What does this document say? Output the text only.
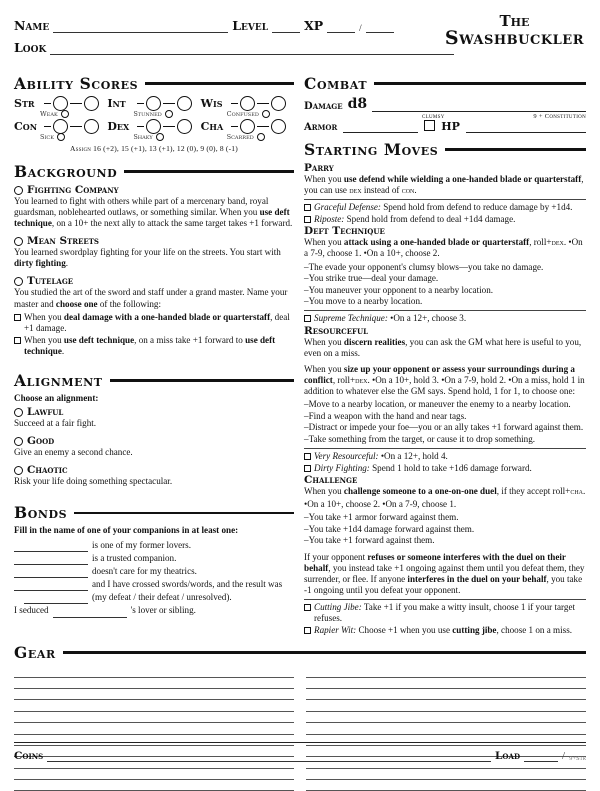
Name	Level	XP	/
Look
The
Swashbuckler
Ability Scores
Str
Weak
Int
Stunned
Wis
Confused
Con
Sick
Dex
Shaky
Cha
Scarred
Assign 16 (+2), 15 (+1), 13 (+1), 12 (0), 9 (0), 8 (-1)
Background
Fighting Company
You learned to fight with others while part of a mercenary band, royal guardsman, noblehearted outlaws, or something similar. When you use deft technique, on a 10+ the next ally to attack the same target takes +1 forward.
Mean Streets
You learned swordplay fighting for your life on the streets. You start with dirty fighting.
Tutelage
You studied the art of the sword and staff under a grand master. Name your master and choose one of the following:
When you deal damage with a one-handed blade or quarterstaff, deal +1 damage.
When you use deft technique, on a miss take +1 forward to use deft technique.
Alignment
Choose an alignment:
Lawful
Succeed at a fair fight.
Good
Give an enemy a second chance.
Chaotic
Risk your life doing something spectacular.
Bonds
Fill in the name of one of your companions in at least one:
is one of my former lovers.
is a trusted companion.
doesn't care for my theatrics.
and I have crossed swords/words, and the result was
(my defeat / their defeat / unresolved).
I seduced	's lover or sibling.
Combat
Damage d8
clumsy	9 + Constitution
Armor	HP
Starting Moves
Parry
When you use defend while wielding a one-handed blade or quarterstaff, you can use dex instead of con.
Graceful Defense: Spend hold from defend to reduce damage by +1d4.
Riposte: Spend hold from defend to deal +1d4 damage.
Deft Technique
When you attack using a one-handed blade or quarterstaff, roll+dex. •On a 7-9, choose 1. •On a 10+, choose 2.
–The evade your opponent's clumsy blows—you take no damage.
–You strike true—deal your damage.
–You maneuver your opponent to a nearby location.
–You move to a nearby location.
Supreme Technique: •On a 12+, choose 3.
Resourceful
When you discern realities, you can ask the GM what here is useful to you, even on a miss.
When you size up your opponent or assess your surroundings during a conflict, roll+dex. •On a 10+, hold 3. •On a 7-9, hold 2. •On a miss, hold 1 in addition to whatever else the GM says. Spend hold, 1 for 1, to choose one:
–Move to a nearby location, or maneuver the enemy to a nearby location.
–Find a weapon with the hand and near tags.
–Distract or impede your foe—you or an ally takes +1 forward against them.
–Take something from the target, or cause it to drop something.
Very Resourceful: •On a 12+, hold 4.
Dirty Fighting: Spend 1 hold to take +1d6 damage forward.
Challenge
When you challenge someone to a one-on-one duel, if they accept roll+cha.
•On a 10+, choose 2. •On a 7-9, choose 1.
–You take +1 armor forward against them.
–You take +1d4 damage forward against them.
–You take +1 forward against them.
If your opponent refuses or someone interferes with the duel on their behalf, you instead take +1 ongoing against them until you defeat them, they surrender, or flee. If anyone interferes in the duel on your behalf, you take -1 ongoing until you defeat your opponent.
Cutting Jibe: Take +1 if you make a witty insult, choose 1 if your target refuses.
Rapier Wit: Choose +1 when you use cutting jibe, choose 1 on a miss.
Gear
Coins	Load	/ 9+Str
